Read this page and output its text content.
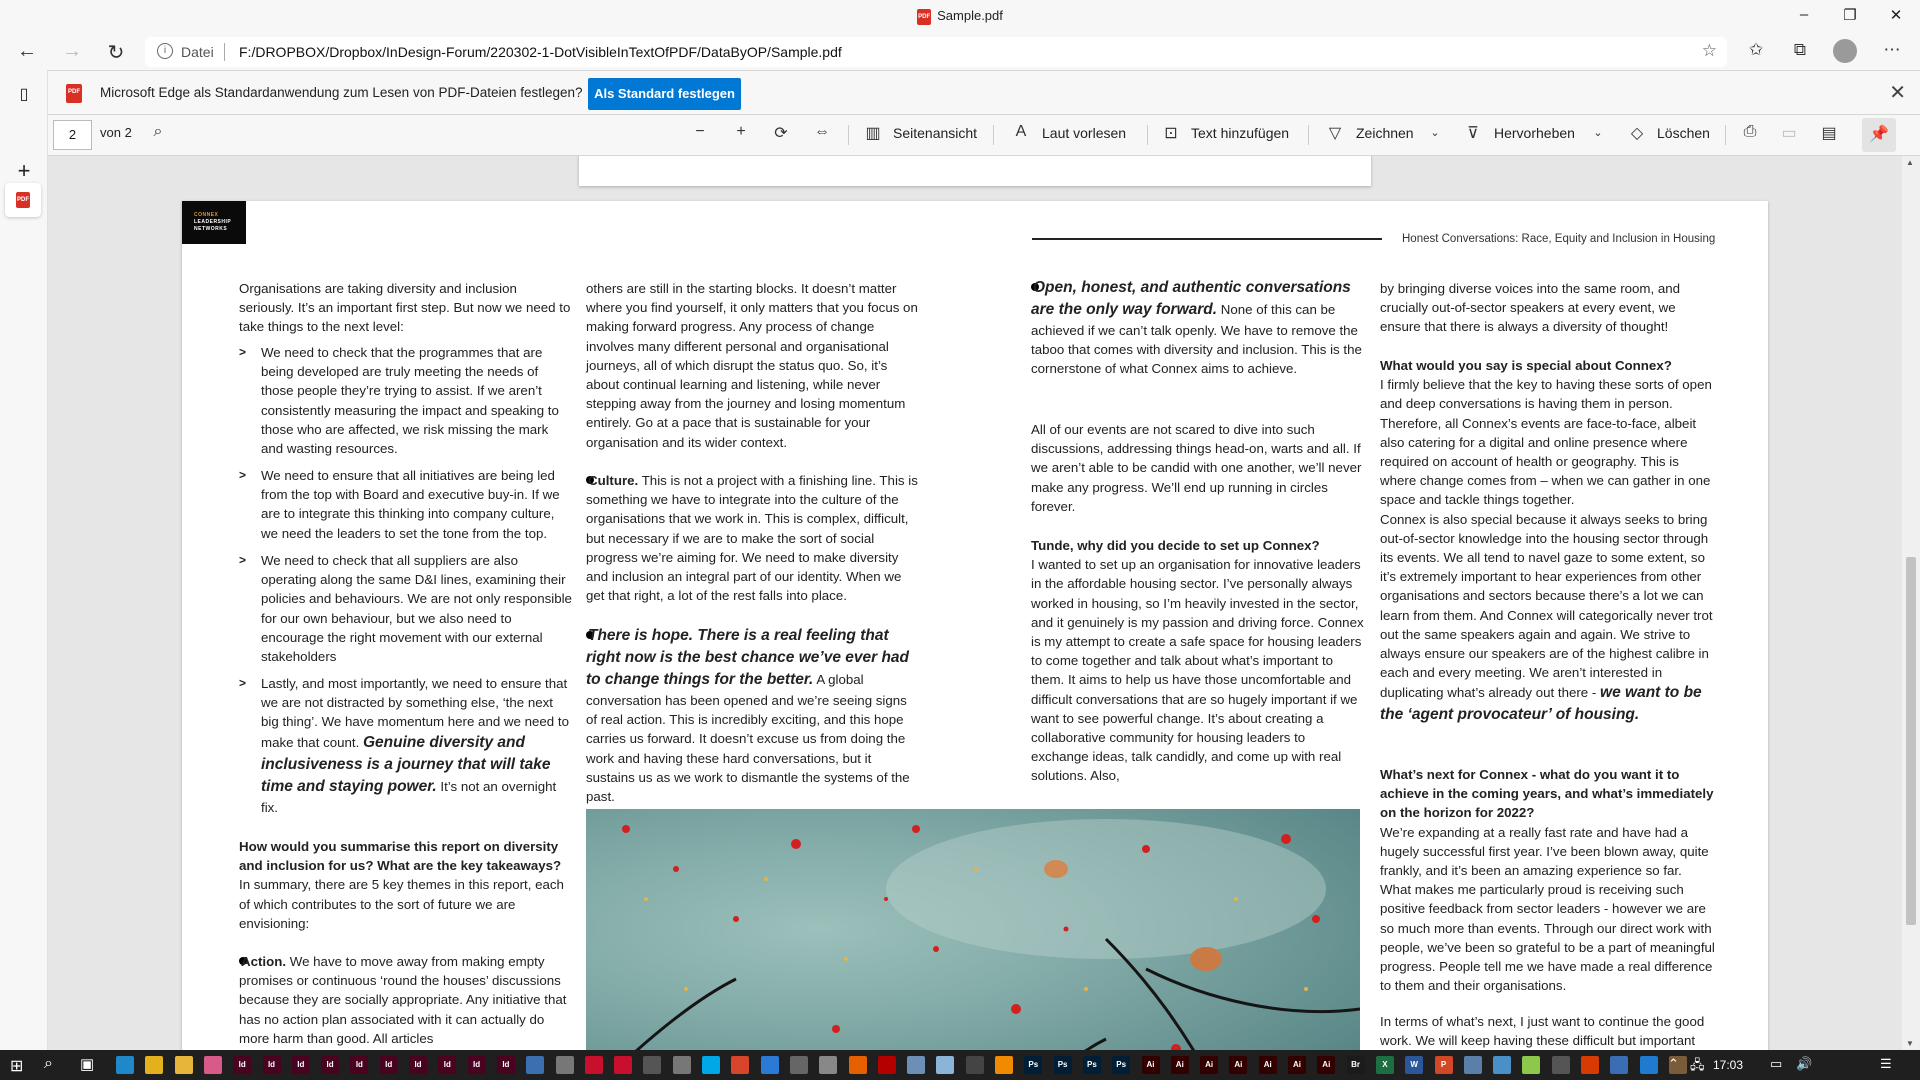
PDF Sample.pdf	–	❐	✕
← →	↻	i	Datei F:/DROPBOX/Dropbox/InDesign-Forum/220302-1-DotVisibleInTextOfPDF/DataByOP/Sample.pdf	☆	✩	⧉	⋯
▯
PDF
+
PDF Microsoft Edge als Standardanwendung zum Lesen von PDF-Dateien festlegen? Als Standard festlegen	✕
2	von 2	⌕	−	+	⟳ ⇔ ▥ Seitenansicht A	Laut vorlesen ⊡ Text hinzufügen ▽ Zeichnen	⌄	⊽ Hervorheben	⌄	◇ Löschen ⎙ ▭ ▤	📌
CONNEX
LEADERSHIP
NETWORKS
Honest Conversations: Race, Equity and Inclusion in Housing

Organisations are taking diversity and inclusion seriously. It’s an important first step. But now we need to take things to the next level:

> We need to check that the programmes that are being developed are truly meeting the needs of those people they’re trying to assist. If we aren’t consistently measuring the impact and speaking to those who are affected, we risk missing the mark and wasting resources.
> We need to ensure that all initiatives are being led from the top with Board and executive buy-in. If we are to integrate this thinking into company culture, we need the leaders to set the tone from the top.
> We need to check that all suppliers are also operating along the same D&I lines, examining their policies and behaviours. We are not only responsible for our own behaviour, but we also need to encourage the right movement with our external stakeholders
> Lastly, and most importantly, we need to ensure that we are not distracted by something else, ‘the next big thing’. We have momentum here and we need to make that count. Genuine diversity and inclusiveness is a journey that will take time and staying power. It’s not an overnight fix.

How would you summarise this report on diversity and inclusion for us? What are the key takeaways?
In summary, there are 5 key themes in this report, each of which contributes to the sort of future we are envisioning:

Action. We have to move away from making empty promises or continuous ‘round the houses’ discussions because they are socially appropriate. Any initiative that has no action plan associated with it can actually do more harm than good. All articles

others are still in the starting blocks. It doesn’t matter where you find yourself, it only matters that you focus on making forward progress. Any process of change involves many different personal and organisational journeys, all of which disrupt the status quo. So, it’s about continual learning and listening, while never stepping away from the journey and losing momentum entirely. Go at a pace that is sustainable for your organisation and its wider context.

Culture. This is not a project with a finishing line. This is something we have to integrate into the culture of the organisations that we work in. This is complex, difficult, but necessary if we are to make the sort of social progress we’re aiming for. We need to make diversity and inclusion an integral part of our identity. When we get that right, a lot of the rest falls into place.

There is hope. There is a real feeling that right now is the best chance we’ve ever had to change things for the better. A global conversation has been opened and we’re seeing signs of real action. This is incredibly exciting, and this hope carries us forward. It doesn’t excuse us from doing the work and having these hard conversations, but it sustains us as we work to dismantle the systems of the past.

Open, honest, and authentic conversations are the only way forward. None of this can be achieved if we can’t talk openly. We have to remove the taboo that comes with diversity and inclusion. This is the cornerstone of what Connex aims to achieve.

All of our events are not scared to dive into such discussions, addressing things head-on, warts and all. If we aren’t able to be candid with one another, we’ll never make any progress. We’ll end up running in circles forever.

Tunde, why did you decide to set up Connex?
I wanted to set up an organisation for innovative leaders in the affordable housing sector. I’ve personally always worked in housing, so I’m heavily invested in the sector, and it genuinely is my passion and driving force. Connex is my attempt to create a safe space for housing leaders to come together and talk about what’s important to them. It aims to help us have those uncomfortable and difficult conversations that are so hugely important if we want to see powerful change. It’s about creating a collaborative community for housing leaders to exchange ideas, talk candidly, and come up with real solutions. Also,

by bringing diverse voices into the same room, and crucially out-of-sector speakers at every event, we ensure that there is always a diversity of thought!

What would you say is special about Connex?
I firmly believe that the key to having these sorts of open and deep conversations is having them in person. Therefore, all Connex’s events are face-to-face, albeit also catering for a digital and online presence where required on account of health or geography. This is where change comes from – when we can gather in one space and tackle things together.
Connex is also special because it always seeks to bring out-of-sector knowledge into the housing sector through its events. We all tend to navel gaze to some extent, so it’s extremely important to hear experiences from other organisations and sectors because there’s a lot we can learn from them. And Connex will categorically never trot out the same speakers again and again. We strive to always ensure our speakers are of the highest calibre in each and every meeting. We aren’t interested in duplicating what’s already out there - we want to be the ‘agent provocateur’ of housing.

What’s next for Connex - what do you want it to achieve in the coming years, and what’s immediately on the horizon for 2022?
We’re expanding at a really fast rate and have had a hugely successful first year. I’ve been blown away, quite frankly, and it’s been an amazing experience so far. What makes me particularly proud is receiving such positive feedback from sector leaders - however we are so much more than events. Through our direct work with people, we’ve been so grateful to be a part of meaningful progress. People tell me we have made a real difference to them and their organisations.

In terms of what’s next, I just want to continue the good work. We will keep having these difficult but important

▲
▼
⊞ ⌕ ▣	Id	Id	Id	Id	Id	Id	Id	Id	Id	Id	Ps	Ps	Ps	Ps	Ai	Ai	Ai	Ai	Ai	Ai	Ai	Br	X	W	P	⌃ 🖧	▭ 🔊
17:03	☰
